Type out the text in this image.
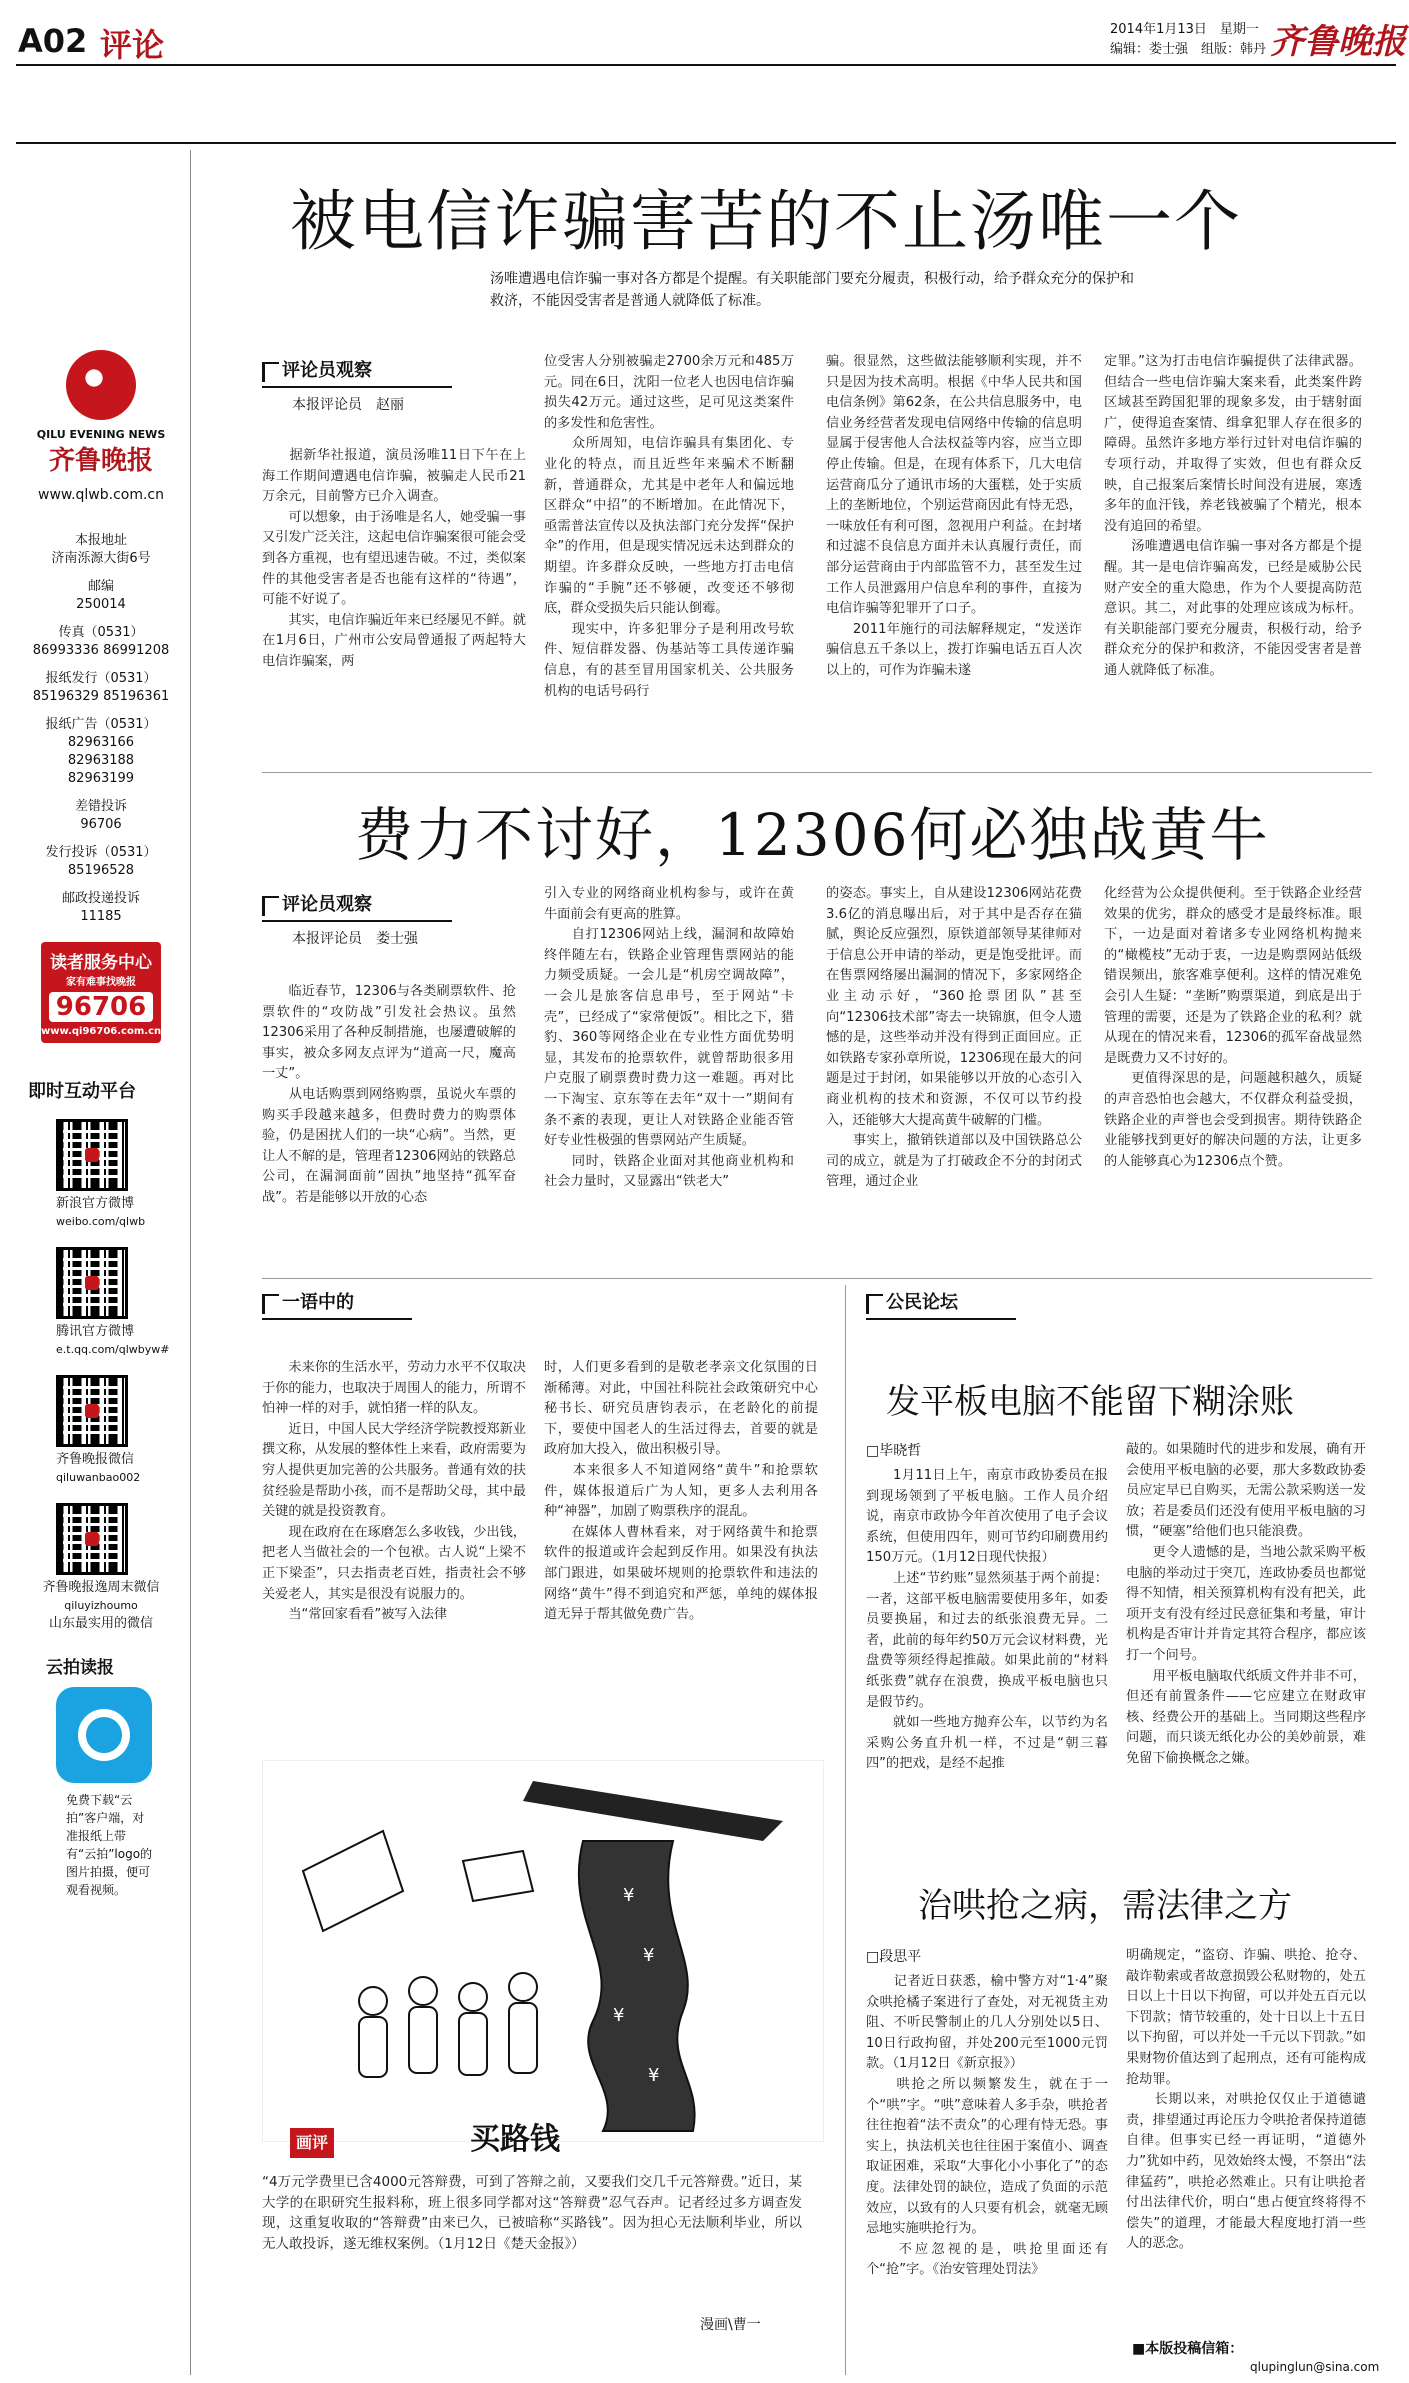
A02 评论	2014年1月13日　星期一
编辑：娄士强　组版：韩丹 齐鲁晚报
QILU EVENING NEWS
齐鲁晚报
www.qlwb.com.cn
本报地址
济南泺源大街6号
邮编
250014
传真（0531）
86993336 86991208
报纸发行（0531）
85196329 85196361
报纸广告（0531）
82963166 82963188 82963199
差错投诉
96706
发行投诉（0531）
85196528
邮政投递投诉
11185
读者服务中心
家有难事找晚报
96706
www.qi96706.com.cn
即时互动平台
新浪官方微博
weibo.com/qlwb
腾讯官方微博
e.t.qq.com/qlwbyw#
齐鲁晚报微信
qiluwanbao002
齐鲁晚报逸周末微信
qiluyizhoumo
山东最实用的微信
云拍读报
免费下载“云拍”客户端，对准报纸上带有“云拍”logo的图片拍摄，便可观看视频。
被电信诈骗害苦的不止汤唯一个
汤唯遭遇电信诈骗一事对各方都是个提醒。有关职能部门要充分履责，积极行动，给予群众充分的保护和救济，不能因受害者是普通人就降低了标准。
评论员观察
本报评论员　赵丽
　　据新华社报道，演员汤唯11日下午在上海工作期间遭遇电信诈骗，被骗走人民币21万余元，目前警方已介入调查。
　　可以想象，由于汤唯是名人，她受骗一事又引发广泛关注，这起电信诈骗案很可能会受到各方重视，也有望迅速告破。不过，类似案件的其他受害者是否也能有这样的“待遇”，可能不好说了。
　　其实，电信诈骗近年来已经屡见不鲜。就在1月6日，广州市公安局曾通报了两起特大电信诈骗案，两
位受害人分别被骗走2700余万元和485万元。同在6日，沈阳一位老人也因电信诈骗损失42万元。通过这些，足可见这类案件的多发性和危害性。
　　众所周知，电信诈骗具有集团化、专业化的特点，而且近些年来骗术不断翻新，普通群众，尤其是中老年人和偏远地区群众“中招”的不断增加。在此情况下，亟需普法宣传以及执法部门充分发挥“保护伞”的作用，但是现实情况远未达到群众的期望。许多群众反映，一些地方打击电信诈骗的“手腕”还不够硬，改变还不够彻底，群众受损失后只能认倒霉。
　　现实中，许多犯罪分子是利用改号软件、短信群发器、伪基站等工具传递诈骗信息，有的甚至冒用国家机关、公共服务机构的电话号码行
骗。很显然，这些做法能够顺利实现，并不只是因为技术高明。根据《中华人民共和国电信条例》第62条，在公共信息服务中，电信业务经营者发现电信网络中传输的信息明显属于侵害他人合法权益等内容，应当立即停止传输。但是，在现有体系下，几大电信运营商瓜分了通讯市场的大蛋糕，处于实质上的垄断地位，个别运营商因此有恃无恐，一味放任有利可图，忽视用户利益。在封堵和过滤不良信息方面并未认真履行责任，而部分运营商由于内部监管不力，甚至发生过工作人员泄露用户信息牟利的事件，直接为电信诈骗等犯罪开了口子。
　　2011年施行的司法解释规定，“发送诈骗信息五千条以上，拨打诈骗电话五百人次以上的，可作为诈骗未遂
定罪。”这为打击电信诈骗提供了法律武器。但结合一些电信诈骗大案来看，此类案件跨区域甚至跨国犯罪的现象多发，由于辖射面广，使得追查案情、缉拿犯罪人存在很多的障碍。虽然许多地方举行过针对电信诈骗的专项行动，并取得了实效，但也有群众反映，自己报案后案情长时间没有进展，寒透多年的血汗钱，养老钱被骗了个精光，根本没有追回的希望。
　　汤唯遭遇电信诈骗一事对各方都是个提醒。其一是电信诈骗高发，已经是威胁公民财产安全的重大隐患，作为个人要提高防范意识。其二，对此事的处理应该成为标杆。有关职能部门要充分履责，积极行动，给予群众充分的保护和救济，不能因受害者是普通人就降低了标准。
费力不讨好，12306何必独战黄牛
评论员观察
本报评论员　娄士强
　　临近春节，12306与各类刷票软件、抢票软件的“攻防战”引发社会热议。虽然12306采用了各种反制措施，也屡遭破解的事实，被众多网友点评为“道高一尺，魔高一丈”。
　　从电话购票到网络购票，虽说火车票的购买手段越来越多，但费时费力的购票体验，仍是困扰人们的一块“心病”。当然，更让人不解的是，管理者12306网站的铁路总公司，在漏洞面前“固执”地坚持“孤军奋战”。若是能够以开放的心态
引入专业的网络商业机构参与，或许在黄牛面前会有更高的胜算。
　　自打12306网站上线，漏洞和故障始终伴随左右，铁路企业管理售票网站的能力频受质疑。一会儿是“机房空调故障”，一会儿是旅客信息串号，至于网站“卡壳”，已经成了“家常便饭”。相比之下，猎豹、360等网络企业在专业性方面优势明显，其发布的抢票软件，就曾帮助很多用户克服了刷票费时费力这一难题。再对比一下淘宝、京东等在去年“双十一”期间有条不紊的表现，更让人对铁路企业能否管好专业性极强的售票网站产生质疑。
　　同时，铁路企业面对其他商业机构和社会力量时，又显露出“铁老大”
的姿态。事实上，自从建设12306网站花费3.6亿的消息曝出后，对于其中是否存在猫腻，舆论反应强烈，原铁道部领导某律师对于信息公开申请的举动，更是饱受批评。而在售票网络屡出漏洞的情况下，多家网络企业主动示好，“360抢票团队”甚至向“12306技术部”寄去一块锦旗，但令人遗憾的是，这些举动并没有得到正面回应。正如铁路专家孙章所说，12306现在最大的问题是过于封闭，如果能够以开放的心态引入商业机构的技术和资源，不仅可以节约投入，还能够大大提高黄牛破解的门槛。
　　事实上，撤销铁道部以及中国铁路总公司的成立，就是为了打破政企不分的封闭式管理，通过企业
化经营为公众提供便利。至于铁路企业经营效果的优劣，群众的感受才是最终标准。眼下，一边是面对着诸多专业网络机构抛来的“橄榄枝”无动于衷，一边是购票网站低级错误频出，旅客难享便利。这样的情况难免会引人生疑：“垄断”购票渠道，到底是出于管理的需要，还是为了铁路企业的私利？就从现在的情况来看，12306的孤军奋战显然是既费力又不讨好的。
　　更值得深思的是，问题越积越久，质疑的声音恐怕也会越大，不仅群众利益受损，铁路企业的声誉也会受到损害。期待铁路企业能够找到更好的解决问题的方法，让更多的人能够真心为12306点个赞。
一语中的
　　未来你的生活水平，劳动力水平不仅取决于你的能力，也取决于周围人的能力，所谓不怕神一样的对手，就怕猪一样的队友。
　　近日，中国人民大学经济学院教授郑新业撰文称，从发展的整体性上来看，政府需要为穷人提供更加完善的公共服务。普通有效的扶贫经验是帮助小孩，而不是帮助父母，其中最关键的就是投资教育。
　　现在政府在在琢磨怎么多收钱，少出钱，把老人当做社会的一个包袱。古人说“上梁不正下梁歪”，只去指责老百姓，指责社会不够关爱老人，其实是很没有说服力的。
　　当“常回家看看”被写入法律
时，人们更多看到的是敬老孝亲文化氛围的日渐稀薄。对此，中国社科院社会政策研究中心秘书长、研究员唐钧表示，在老龄化的前提下，要使中国老人的生活过得去，首要的就是政府加大投入，做出积极引导。
　　本来很多人不知道网络“黄牛”和抢票软件，媒体报道后广为人知，更多人去利用各种“神器”，加剧了购票秩序的混乱。
　　在媒体人曹林看来，对于网络黄牛和抢票软件的报道或许会起到反作用。如果没有执法部门跟进，如果破坏规则的抢票软件和违法的网络“黄牛”得不到追究和严惩，单纯的媒体报道无异于帮其做免费广告。
¥
¥
¥
¥
画评	买路钱
“4万元学费里已含4000元答辩费，可到了答辩之前，又要我们交几千元答辩费。”近日，某大学的在职研究生报料称，班上很多同学都对这“答辩费”忍气吞声。记者经过多方调查发现，这重复收取的“答辩费”由来已久，已被暗称“买路钱”。因为担心无法顺利毕业，所以无人敢投诉，遂无维权案例。（1月12日《楚天金报》）
漫画\曹一
公民论坛
发平板电脑不能留下糊涂账
□毕晓哲
　　1月11日上午，南京市政协委员在报到现场领到了平板电脑。工作人员介绍说，南京市政协今年首次使用了电子会议系统，但使用四年，则可节约印刷费用约150万元。（1月12日现代快报）
　　上述“节约账”显然须基于两个前提：一者，这部平板电脑需要使用多年，如委员要换届，和过去的纸张浪费无异。二者，此前的每年约50万元会议材料费，光盘费等须经得起推敲。如果此前的“材料纸张费”就存在浪费，换成平板电脑也只是假节约。
　　就如一些地方抛弃公车，以节约为名采购公务直升机一样，不过是“朝三暮四”的把戏，是经不起推
敲的。如果随时代的进步和发展，确有开会使用平板电脑的必要，那大多数政协委员应定早已自购买，无需公款采购送一发放；若是委员们还没有使用平板电脑的习惯，“硬塞”给他们也只能浪费。
　　更令人遗憾的是，当地公款采购平板电脑的举动过于突兀，连政协委员也都觉得不知情，相关预算机构有没有把关，此项开支有没有经过民意征集和考量，审计机构是否审计并肯定其符合程序，都应该打一个问号。
　　用平板电脑取代纸质文件并非不可，但还有前置条件——它应建立在财政审核、经费公开的基础上。当同期这些程序问题，而只谈无纸化办公的美妙前景，难免留下偷换概念之嫌。
治哄抢之病，需法律之方
□段思平
　　记者近日获悉，榆中警方对“1·4”聚众哄抢橘子案进行了查处，对无视货主劝阻、不听民警制止的几人分别处以5日、10日行政拘留，并处200元至1000元罚款。（1月12日《新京报》）
　　哄抢之所以频繁发生，就在于一个“哄”字。“哄”意味着人多手杂，哄抢者往往抱着“法不责众”的心理有恃无恐。事实上，执法机关也往往困于案值小、调查取证困难，采取“大事化小小事化了”的态度。法律处罚的缺位，造成了负面的示范效应，以致有的人只要有机会，就毫无顾忌地实施哄抢行为。
　　不应忽视的是，哄抢里面还有个“抢”字。《治安管理处罚法》
明确规定，“盗窃、诈骗、哄抢、抢夺、敲诈勒索或者故意损毁公私财物的，处五日以上十日以下拘留，可以并处五百元以下罚款；情节较重的，处十日以上十五日以下拘留，可以并处一千元以下罚款。”如果财物价值达到了起刑点，还有可能构成抢劫罪。
　　长期以来，对哄抢仅仅止于道德谴责，排望通过再论压力令哄抢者保持道德自律。但事实已经一再证明，“道德外力”犹如中药，见效始终太慢，不祭出“法律猛药”，哄抢必然难止。只有让哄抢者付出法律代价，明白“患占便宜终将得不偿失”的道理，才能最大程度地打消一些人的恶念。
■本版投稿信箱：
qlupinglun@sina.com
